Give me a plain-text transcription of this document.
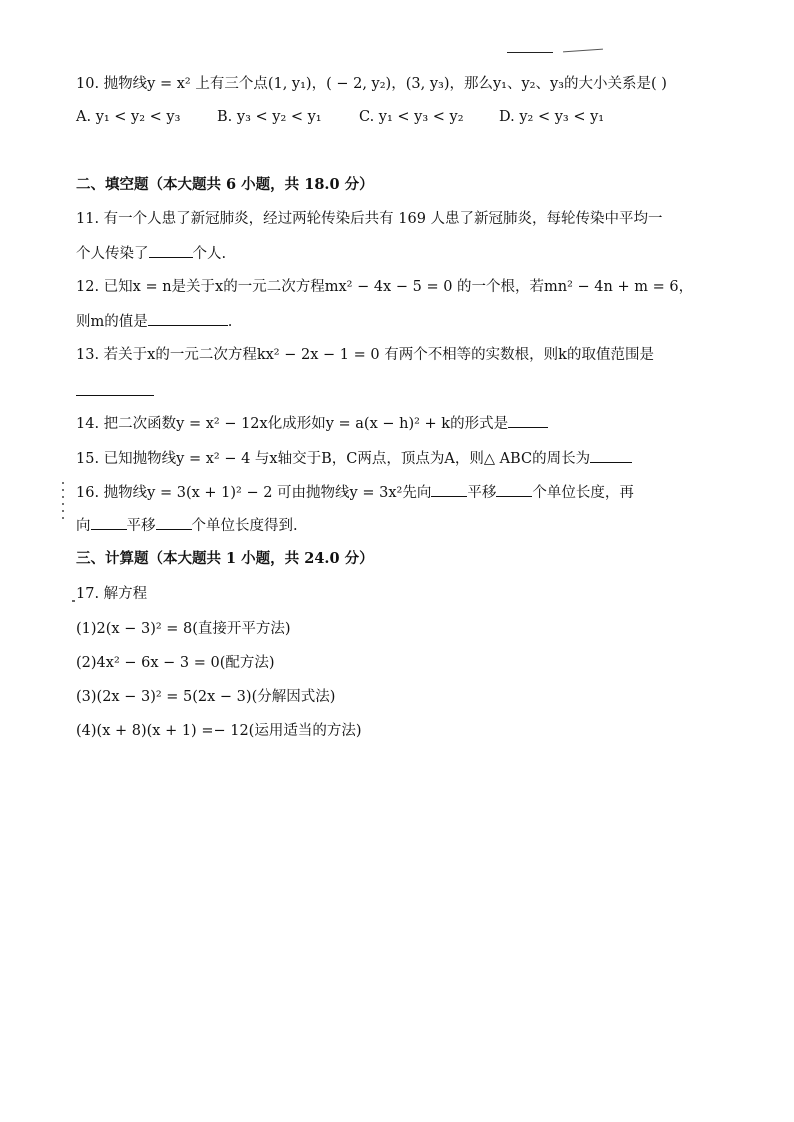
10. 抛物线y = x² 上有三个点(1, y₁)，( − 2, y₂)，(3, y₃)，那么y₁、y₂、y₃的大小关系是( )
A. y₁ < y₂ < y₃	B. y₃ < y₂ < y₁	C. y₁ < y₃ < y₂ D. y₂ < y₃ < y₁
二、填空题（本大题共 6 小题，共 18.0 分）
11. 有一个人患了新冠肺炎，经过两轮传染后共有 169 人患了新冠肺炎，每轮传染中平均一
个人传染了	个人.
12. 已知x = n是关于x的一元二次方程mx² − 4x − 5 = 0 的一个根，若mn² − 4n + m = 6，
则m的值是	.
13. 若关于x的一元二次方程kx² − 2x − 1 = 0 有两个不相等的实数根，则k的取值范围是
14. 把二次函数y = x² − 12x化成形如y = a(x − h)² + k的形式是
15. 已知抛物线y = x² − 4 与x轴交于B，C两点，顶点为A，则△ ABC的周长为
16. 抛物线y = 3(x + 1)² − 2 可由抛物线y = 3x²先向 平移 个单位长度，再
向 平移 个单位长度得到.
三、计算题（本大题共 1 小题，共 24.0 分）
17. 解方程
(1)2(x − 3)² = 8(直接开平方法)
(2)4x² − 6x − 3 = 0(配方法)
(3)(2x − 3)² = 5(2x − 3)(分解因式法)
(4)(x + 8)(x + 1) =− 12(运用适当的方法)
